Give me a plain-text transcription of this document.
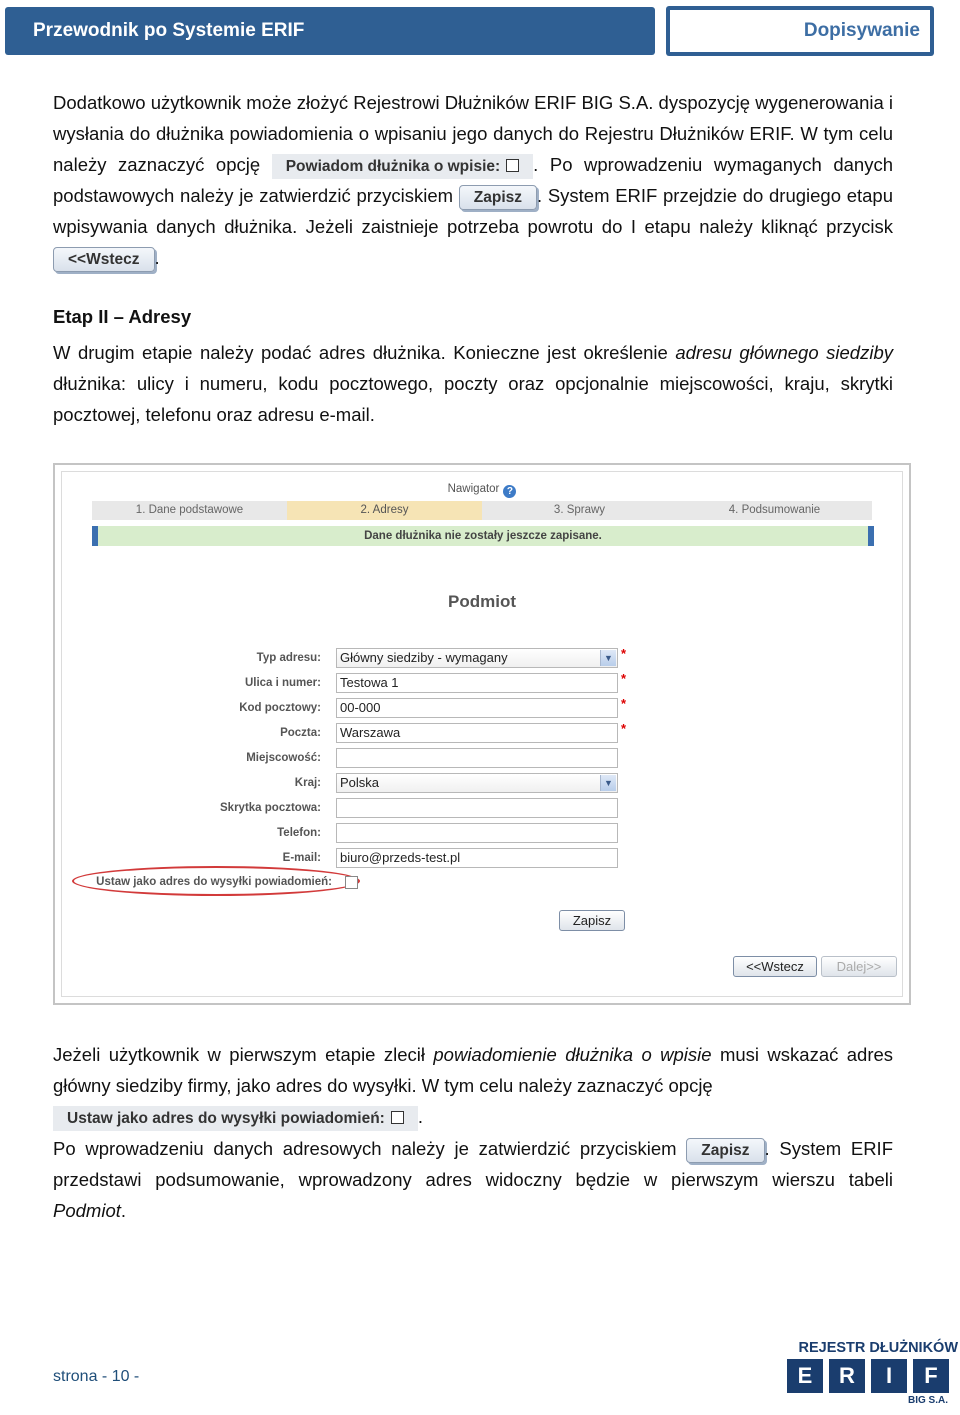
Przewodnik po Systemie ERIF	Dopisywanie

Dodatkowo użytkownik może złożyć Rejestrowi Dłużników ERIF BIG S.A. dyspozycję wygenerowania i wysłania do dłużnika powiadomienia o wpisaniu jego danych do Rejestru Dłużników ERIF. W tym celu należy zaznaczyć opcję Powiadom dłużnika o wpisie: . Po wprowadzeniu wymaganych danych podstawowych należy je zatwierdzić przyciskiem Zapisz . System ERIF przejdzie do drugiego etapu wpisywania danych dłużnika. Jeżeli zaistnieje potrzeba powrotu do I etapu należy kliknąć przycisk <<Wstecz .

Etap II – Adresy

W drugim etapie należy podać adres dłużnika. Konieczne jest określenie adresu głównego siedziby dłużnika: ulicy i numeru, kodu pocztowego, poczty oraz opcjonalnie miejscowości, kraju, skrytki pocztowej, telefonu oraz adresu e-mail.

Nawigator ?
1. Dane podstawowe	2. Adresy	3. Sprawy	4. Podsumowanie
Dane dłużnika nie zostały jeszcze zapisane.
Podmiot
Typ adresu:	Główny siedziby - wymagany	▼ *
Ulica i numer:	Testowa 1	*
Kod pocztowy:	00-000	*
Poczta:	Warszawa	*
Miejscowość:
Kraj:	Polska	▼
Skrytka pocztowa:
Telefon:
E-mail:	biuro@przeds-test.pl
Ustaw jako adres do wysyłki powiadomień:
Zapisz
<<Wstecz	Dalej>>

Jeżeli użytkownik w pierwszym etapie zlecił powiadomienie dłużnika o wpisie musi wskazać adres główny siedziby firmy, jako adres do wysyłki. W tym celu należy zaznaczyć opcję
Ustaw jako adres do wysyłki powiadomień: .

Po wprowadzeniu danych adresowych należy je zatwierdzić przyciskiem Zapisz . System ERIF przedstawi podsumowanie, wprowadzony adres widoczny będzie w pierwszym wierszu tabeli Podmiot.

strona - 10 -
REJESTR DŁUŻNIKÓW
E	R	I	F
BIG S.A.
